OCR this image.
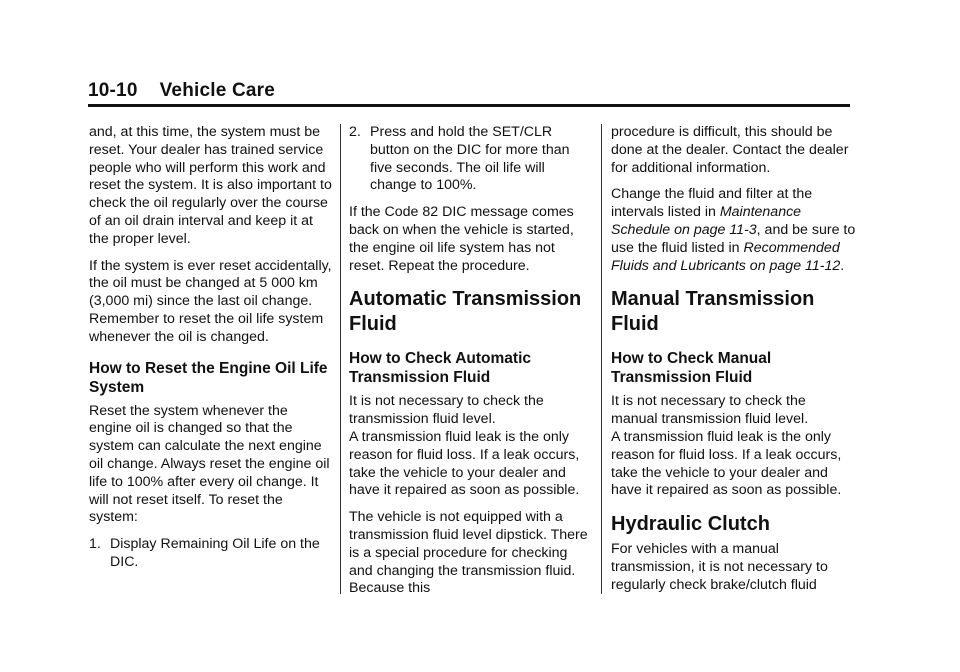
10-10 Vehicle Care

and, at this time, the system must be reset. Your dealer has trained service people who will perform this work and reset the system. It is also important to check the oil regularly over the course of an oil drain interval and keep it at the proper level.

If the system is ever reset accidentally, the oil must be changed at 5 000 km (3,000 mi) since the last oil change. Remember to reset the oil life system whenever the oil is changed.

How to Reset the Engine Oil Life System

Reset the system whenever the engine oil is changed so that the system can calculate the next engine oil change. Always reset the engine oil life to 100% after every oil change. It will not reset itself. To reset the system:

1. Display Remaining Oil Life on the DIC.
2. Press and hold the SET/CLR button on the DIC for more than five seconds. The oil life will change to 100%.

If the Code 82 DIC message comes back on when the vehicle is started, the engine oil life system has not reset. Repeat the procedure.

Automatic Transmission Fluid
How to Check Automatic Transmission Fluid

It is not necessary to check the transmission fluid level.
A transmission fluid leak is the only reason for fluid loss. If a leak occurs, take the vehicle to your dealer and have it repaired as soon as possible.

The vehicle is not equipped with a transmission fluid level dipstick. There is a special procedure for checking and changing the transmission fluid. Because this

procedure is difficult, this should be done at the dealer. Contact the dealer for additional information.

Change the fluid and filter at the intervals listed in Maintenance Schedule on page 11-3, and be sure to use the fluid listed in Recommended Fluids and Lubricants on page 11-12.

Manual Transmission Fluid
How to Check Manual Transmission Fluid

It is not necessary to check the manual transmission fluid level.
A transmission fluid leak is the only reason for fluid loss. If a leak occurs, take the vehicle to your dealer and have it repaired as soon as possible.

Hydraulic Clutch

For vehicles with a manual transmission, it is not necessary to regularly check brake/clutch fluid
